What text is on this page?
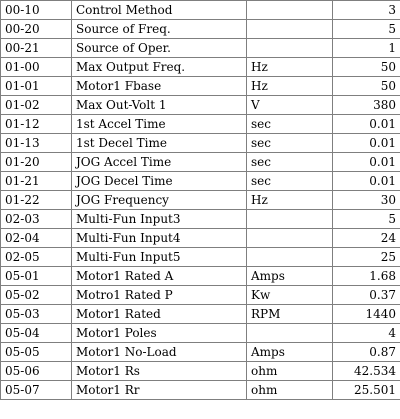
00-10	Control Method		3
00-20	Source of Freq.		5
00-21	Source of Oper.		1
01-00	Max Output Freq.	Hz	50
01-01	Motor1 Fbase	Hz	50
01-02	Max Out-Volt 1	V	380
01-12	1st Accel Time	sec	0.01
01-13	1st Decel Time	sec	0.01
01-20	JOG Accel Time	sec	0.01
01-21	JOG Decel Time	sec	0.01
01-22	JOG Frequency	Hz	30
02-03	Multi-Fun Input3		5
02-04	Multi-Fun Input4		24
02-05	Multi-Fun Input5		25
05-01	Motor1 Rated A	Amps	1.68
05-02	Motro1 Rated P	Kw	0.37
05-03	Motor1 Rated	RPM	1440
05-04	Motor1 Poles		4
05-05	Motor1 No-Load	Amps	0.87
05-06	Motor1 Rs	ohm	42.534
05-07	Motor1 Rr	ohm	25.501
